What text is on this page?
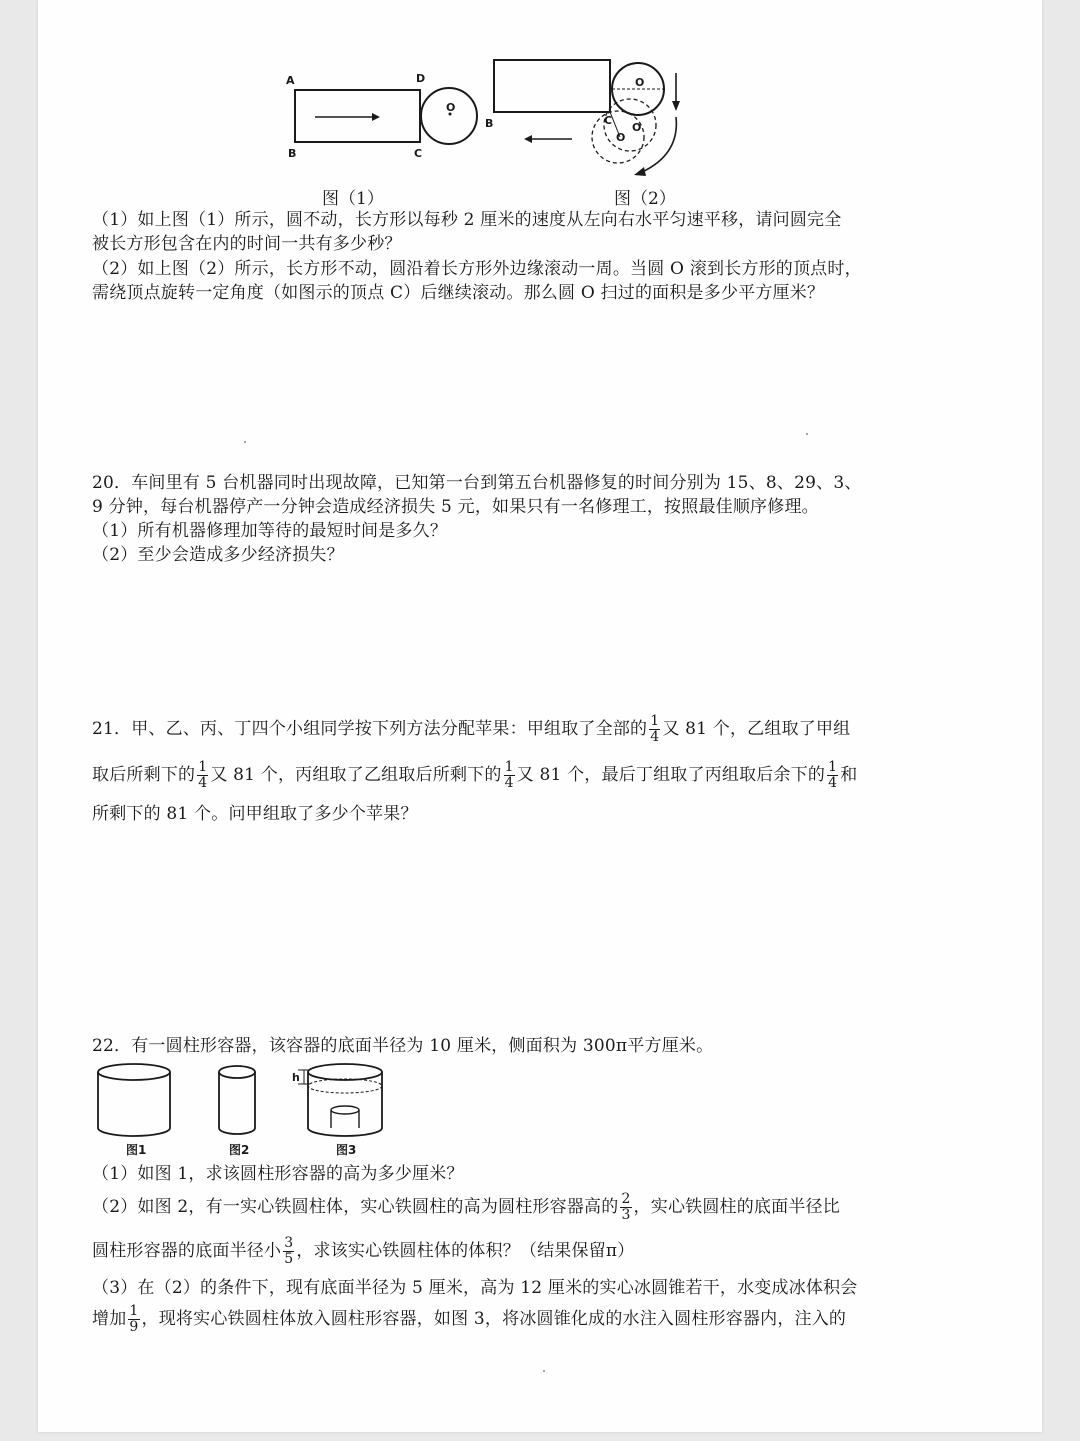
A	D
B	C
O
B	C
O
O
O
图（1）	图（2）
（1）如上图（1）所示，圆不动，长方形以每秒 2 厘米的速度从左向右水平匀速平移，请问圆完全
被长方形包含在内的时间一共有多少秒？
（2）如上图（2）所示，长方形不动，圆沿着长方形外边缘滚动一周。当圆 O 滚到长方形的顶点时，
需绕顶点旋转一定角度（如图示的顶点 C）后继续滚动。那么圆 O 扫过的面积是多少平方厘米？
20．车间里有 5 台机器同时出现故障，已知第一台到第五台机器修复的时间分别为 15、8、29、3、
9 分钟，每台机器停产一分钟会造成经济损失 5 元，如果只有一名修理工，按照最佳顺序修理。
（1）所有机器修理加等待的最短时间是多久？
（2）至少会造成多少经济损失？
21．甲、乙、丙、丁四个小组同学按下列方法分配苹果：甲组取了全部的 $\frac{1}{4}$ 又 81 个，乙组取了甲组
取后所剩下的 $\frac{1}{4}$ 又 81 个，丙组取了乙组取后所剩下的 $\frac{1}{4}$ 又 81 个，最后丁组取了丙组取后余下的 $\frac{1}{4}$ 和
所剩下的 81 个。问甲组取了多少个苹果？
22．有一圆柱形容器，该容器的底面半径为 10 厘米，侧面积为 300π平方厘米。
h
图1	图2	图3
（1）如图 1，求该圆柱形容器的高为多少厘米？
（2）如图 2，有一实心铁圆柱体，实心铁圆柱的高为圆柱形容器高的 $\frac{2}{3}$ ，实心铁圆柱的底面半径比
圆柱形容器的底面半径小 $\frac{3}{5}$ ，求该实心铁圆柱体的体积？（结果保留π）
（3）在（2）的条件下，现有底面半径为 5 厘米，高为 12 厘米的实心冰圆锥若干，水变成冰体积会
增加 $\frac{1}{9}$ ，现将实心铁圆柱体放入圆柱形容器，如图 3，将冰圆锥化成的水注入圆柱形容器内，注入的
